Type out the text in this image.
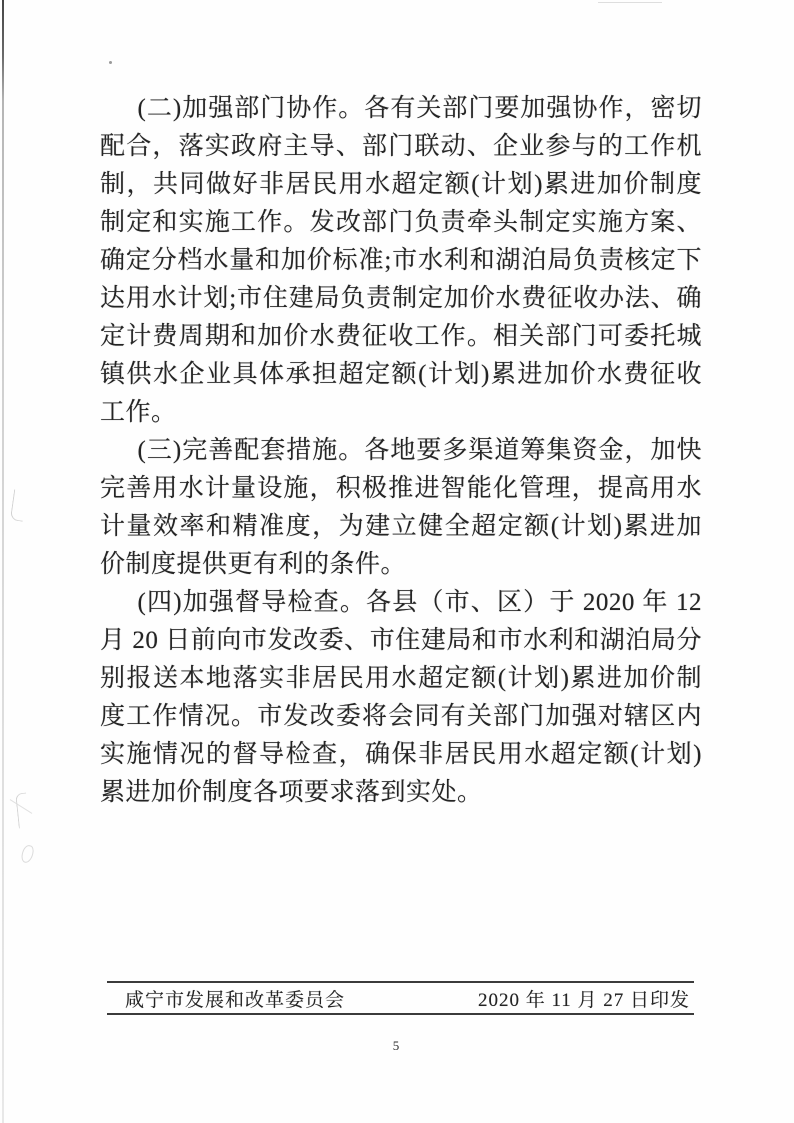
(二)加强部门协作。各有关部门要加强协作，密切配合，落实政府主导、部门联动、企业参与的工作机制，共同做好非居民用水超定额(计划)累进加价制度制定和实施工作。发改部门负责牵头制定实施方案、确定分档水量和加价标准;市水利和湖泊局负责核定下达用水计划;市住建局负责制定加价水费征收办法、确定计费周期和加价水费征收工作。相关部门可委托城镇供水企业具体承担超定额(计划)累进加价水费征收工作。

(三)完善配套措施。各地要多渠道筹集资金，加快完善用水计量设施，积极推进智能化管理，提高用水计量效率和精准度，为建立健全超定额(计划)累进加价制度提供更有利的条件。

(四)加强督导检查。各县（市、区）于 2020 年 12 月 20 日前向市发改委、市住建局和市水利和湖泊局分别报送本地落实非居民用水超定额(计划)累进加价制度工作情况。市发改委将会同有关部门加强对辖区内实施情况的督导检查，确保非居民用水超定额(计划)累进加价制度各项要求落到实处。

咸宁市发展和改革委员会	2020 年 11 月 27 日印发
5
